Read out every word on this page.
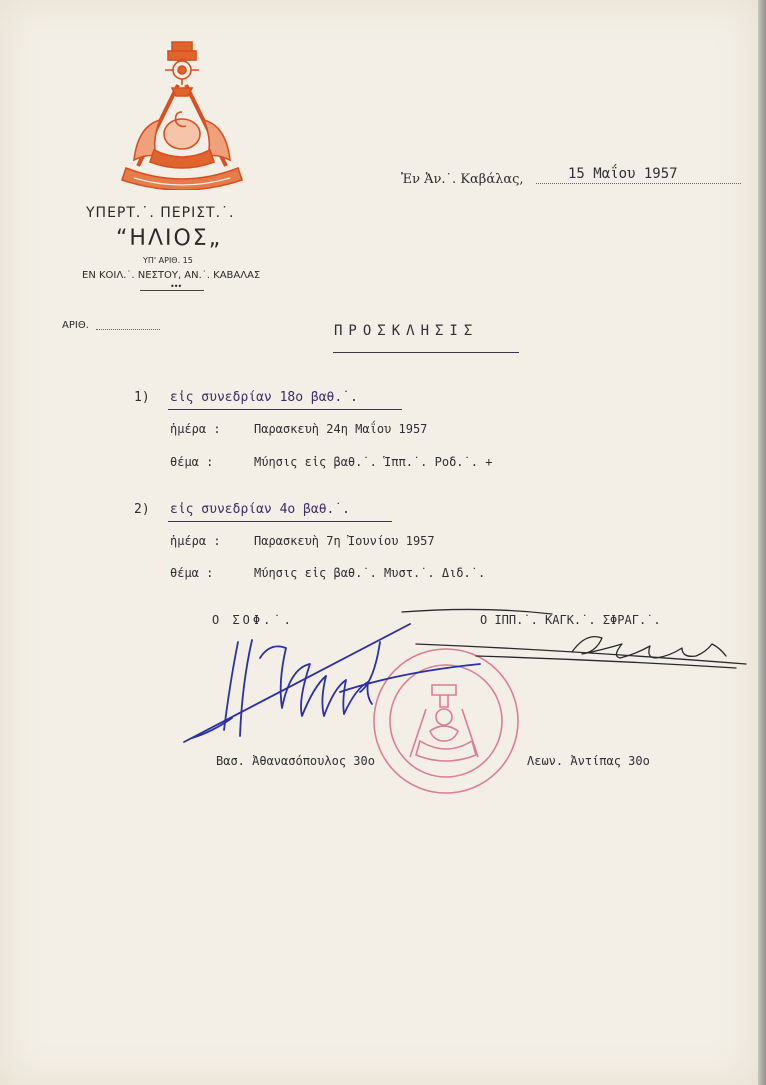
ΥΠΕΡΤ.˙. ΠΕΡΙΣΤ.˙.
“ΗΛΙΟΣ„
ΥΠ' ΑΡΙΘ. 15
ΕΝ ΚΟΙΛ.˙. ΝΕΣΤΟΥ, ΑΝ.˙. ΚΑΒΑΛΑΣ
•••
Ἐν Ἀν.˙. Καβάλας,	15 Μαΐου 1957
ΑΡΙΘ.	ΠΡΟΣΚΛΗΣΙΣ
1) εἰς συνεδρίαν 18ο βαθ.˙.
ἡμέρα :	Παρασκευὴ 24η Μαΐου 1957
θέμα :	Μύησις εἰς βαθ.˙. Ἱππ.˙. Ροδ.˙. +
2) εἰς συνεδρίαν 4ο βαθ.˙.
ἡμέρα :	Παρασκευὴ 7η Ἰουνίου 1957
θέμα :	Μύησις εἰς βαθ.˙. Μυστ.˙. Διδ.˙.
Ο ΣΟΦ.˙.	Ο ΙΠΠ.˙. ΚΑΓΚ.˙. ΣΦΡΑΓ.˙.
Βασ. Ἀθανασόπουλος 30ο	Λεων. Ἀντίπας 30ο
